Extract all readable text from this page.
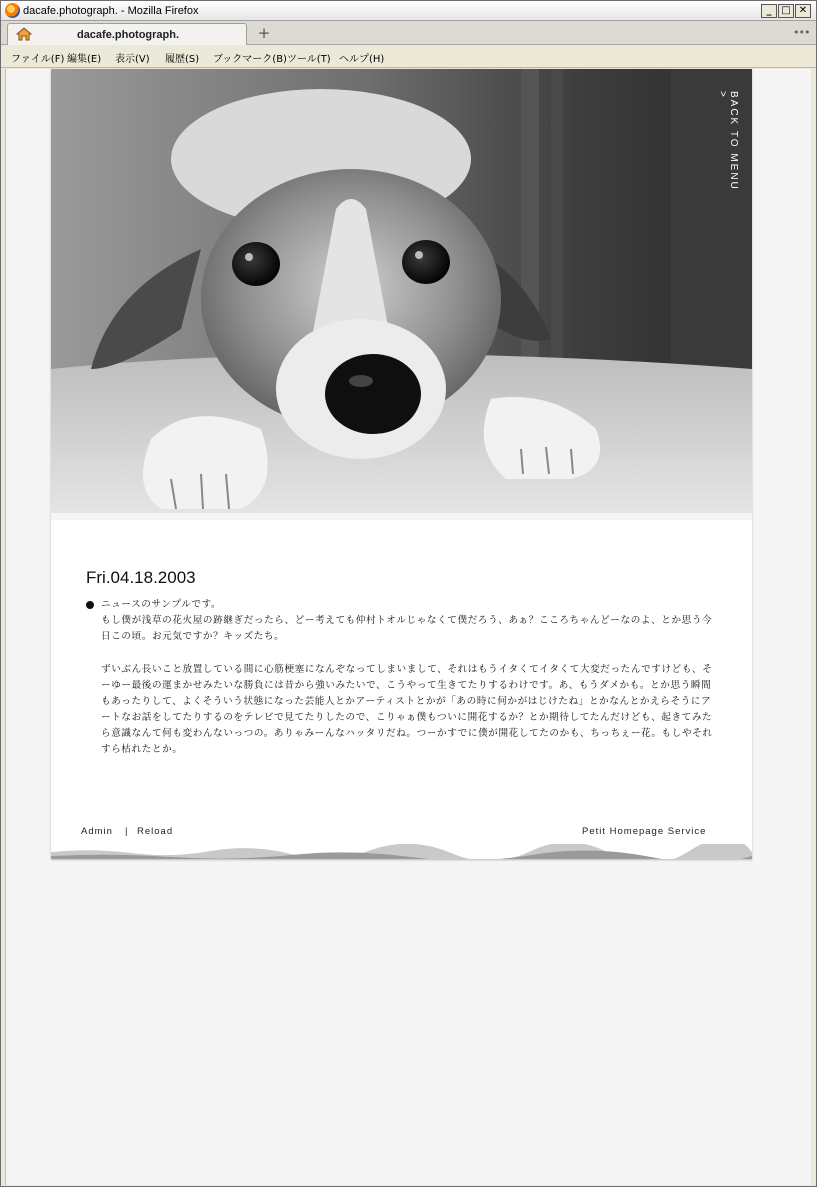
dacafe.photograph. - Mozilla Firefox	_ □ ✕
dacafe.photograph.	+	•••
ファイル(F) 編集(E) 表示(V) 履歴(S) ブックマーク(B) ツール(T) ヘルプ(H)
BACK TO MENU >
Fri.04.18.2003
ニュースのサンプルです。
もし僕が浅草の花火屋の跡継ぎだったら、どー考えても仲村トオルじゃなくて僕だろう、あぁ？こころちゃんどーなのよ、とか思う今日この頃。お元気ですか？キッズたち。
ずいぶん長いこと放置している間に心筋梗塞になんぞなってしまいまして、それはもうイタくてイタくて大変だったんですけども、そーゆー最後の運まかせみたいな勝負には昔から強いみたいで、こうやって生きてたりするわけです。あ、もうダメかも。とか思う瞬間もあったりして、よくそういう状態になった芸能人とかアーティストとかが「あの時に何かがはじけたね」とかなんとかえらそうにアートなお話をしてたりするのをテレビで見てたりしたので、こりゃぁ僕もついに開花するか？とか期待してたんだけども、起きてみたら意識なんて何も変わんないっつの。ありゃみーんなハッタリだね。つーかすでに僕が開花してたのかも、ちっちぇー花。もしやそれすら枯れたとか。
Admin | Reload	Petit Homepage Service
